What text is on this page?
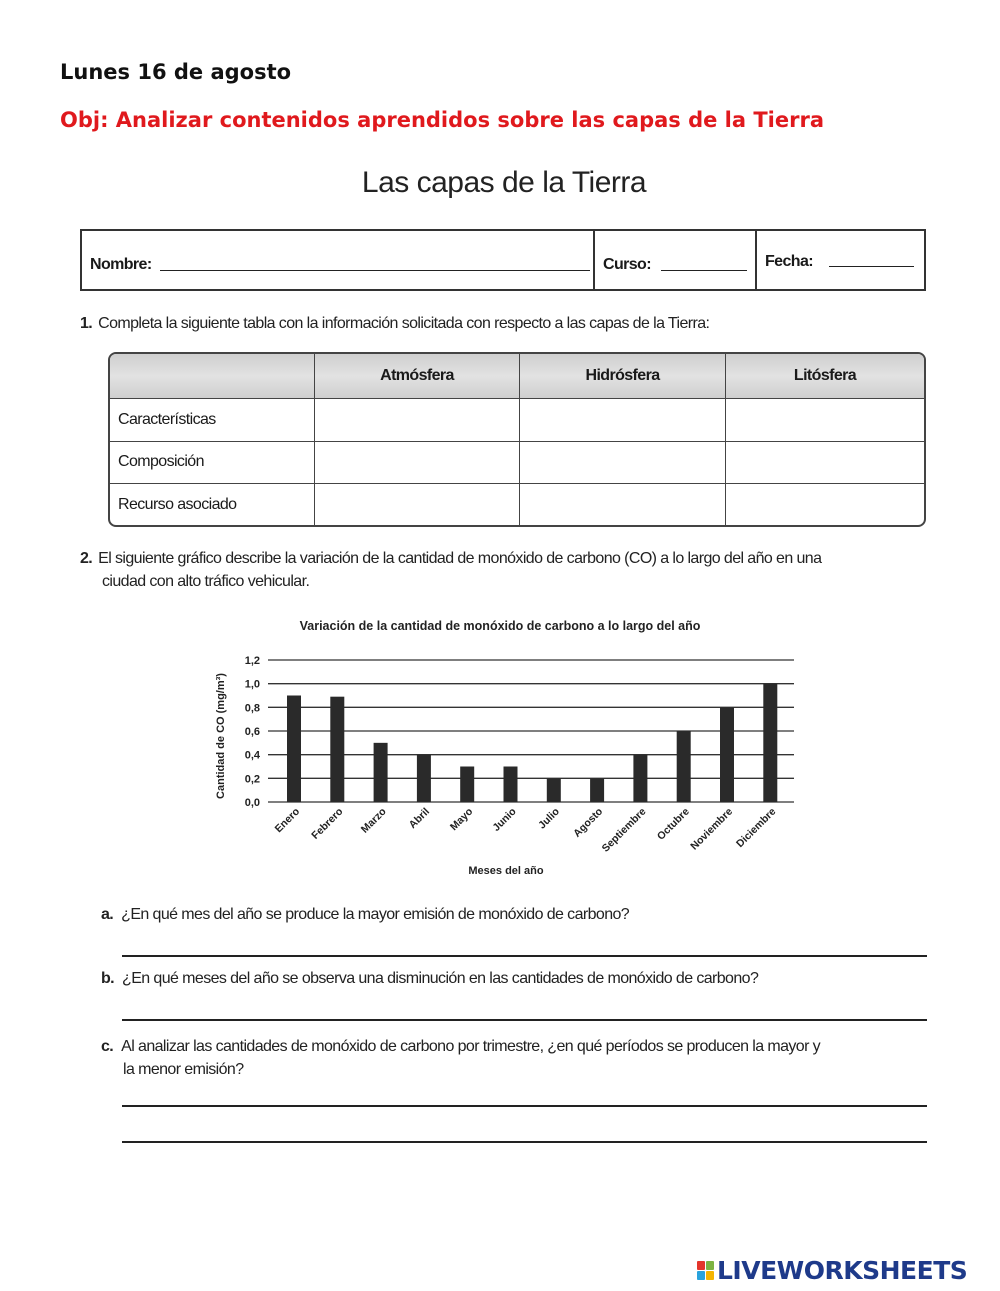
Lunes 16 de agosto
Obj: Analizar contenidos aprendidos sobre las capas de la Tierra
Las capas de la Tierra
Nombre:	Curso:	Fecha:
1. Completa la siguiente tabla con la información solicitada con respecto a las capas de la Tierra:
	Atmósfera	Hidrósfera	Litósfera
Características			
Composición			
Recurso asociado			
2. El siguiente gráfico describe la variación de la cantidad de monóxido de carbono (CO) a lo largo del año en una
ciudad con alto tráfico vehicular.
Variación de la cantidad de monóxido de carbono a lo largo del año
Cantidad de CO (mg/m³)
Meses del año
0,0
0,2
0,4
0,6
0,8
1,0
1,2
Enero Febrero Marzo Abril Mayo Junio Julio Agosto
Septiembre Octubre
Noviembre
Diciembre
a. ¿En qué mes del año se produce la mayor emisión de monóxido de carbono?
b. ¿En qué meses del año se observa una disminución en las cantidades de monóxido de carbono?
c. Al analizar las cantidades de monóxido de carbono por trimestre, ¿en qué períodos se producen la mayor y
la menor emisión?
LIVEWORKSHEETS
